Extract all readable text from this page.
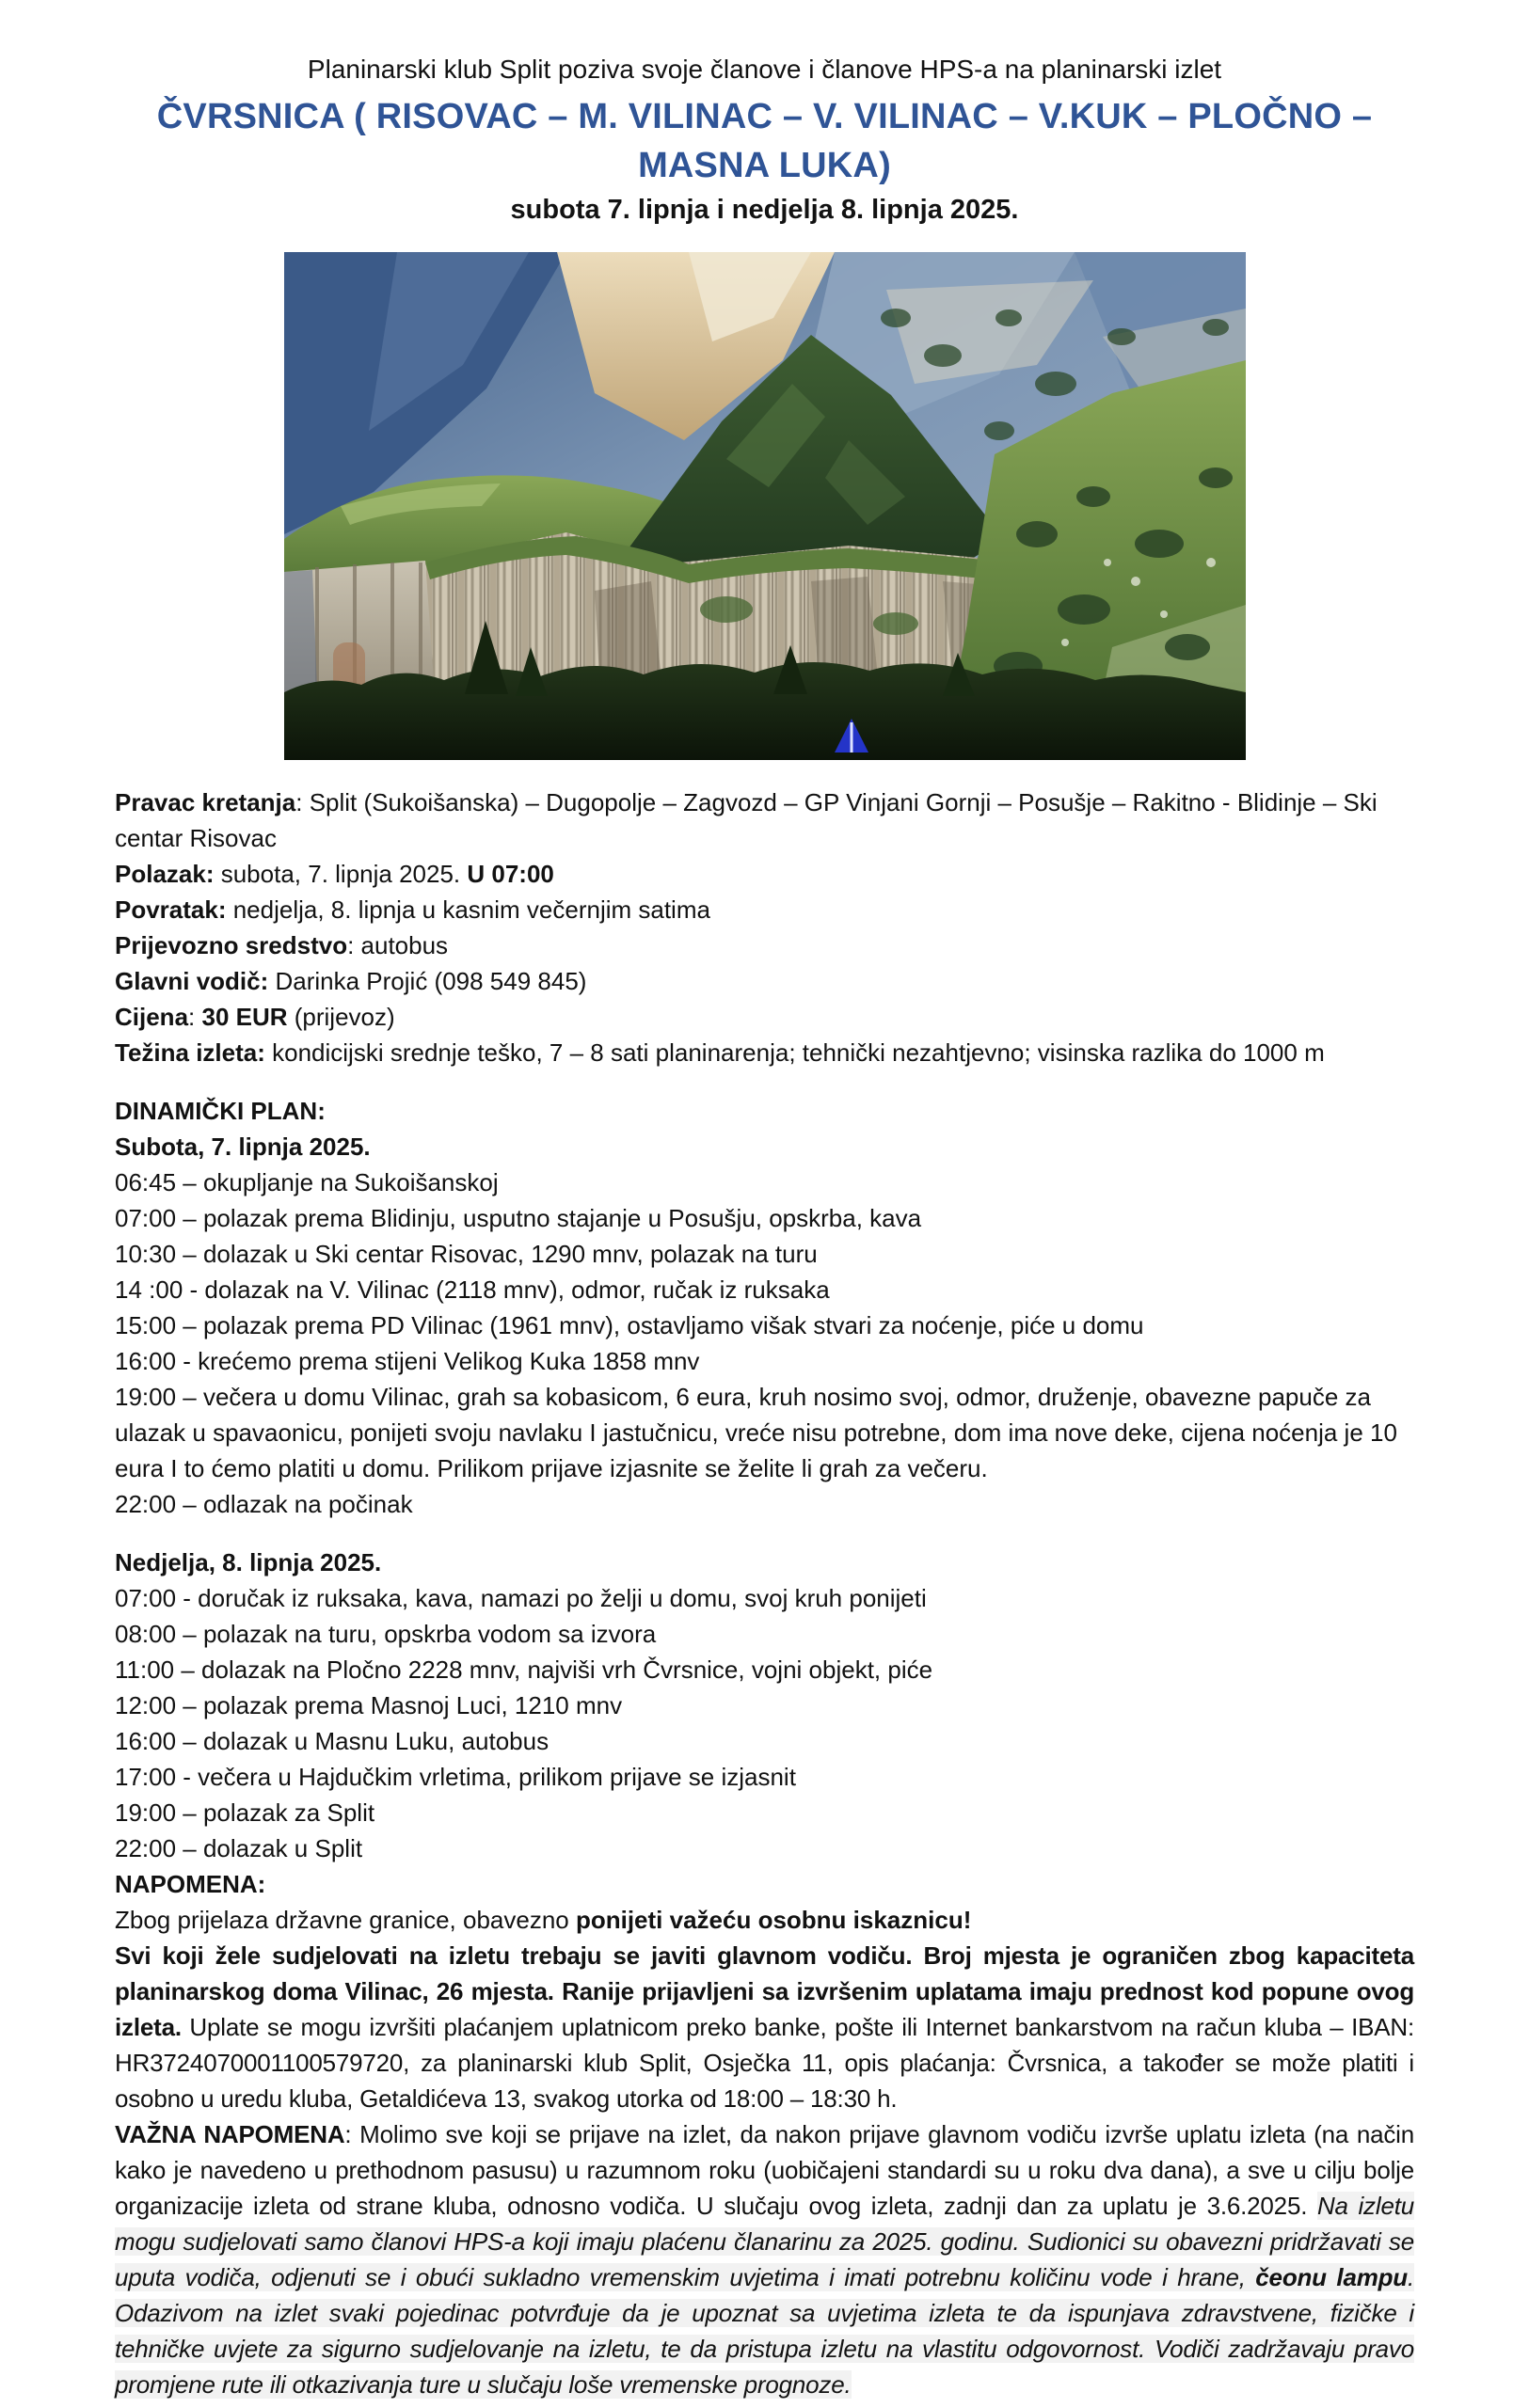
Planinarski klub Split poziva svoje članove i članove HPS-a na planinarski izlet

ČVRSNICA ( RISOVAC – M. VILINAC – V. VILINAC – V.KUK – PLOČNO – MASNA LUKA)

subota 7. lipnja i nedjelja 8. lipnja 2025.

Pravac kretanja: Split (Sukoišanska) – Dugopolje – Zagvozd – GP Vinjani Gornji – Posušje – Rakitno - Blidinje – Ski centar Risovac

Polazak: subota, 7. lipnja 2025. U 07:00

Povratak: nedjelja, 8. lipnja u kasnim večernjim satima

Prijevozno sredstvo: autobus

Glavni vodič: Darinka Projić (098 549 845)

Cijena: 30 EUR (prijevoz)

Težina izleta: kondicijski srednje teško, 7 – 8 sati planinarenja; tehnički nezahtjevno; visinska razlika do 1000 m

DINAMIČKI PLAN:

Subota, 7. lipnja 2025.

06:45 – okupljanje na Sukoišanskoj

07:00 – polazak prema Blidinju, usputno stajanje u Posušju, opskrba, kava

10:30 – dolazak u Ski centar Risovac, 1290 mnv, polazak na turu

14 :00 - dolazak na V. Vilinac (2118 mnv), odmor, ručak iz ruksaka

15:00 – polazak prema PD Vilinac (1961 mnv), ostavljamo višak stvari za noćenje, piće u domu

16:00 - krećemo prema stijeni Velikog Kuka 1858 mnv

19:00 – večera u domu Vilinac, grah sa kobasicom, 6 eura, kruh nosimo svoj, odmor, druženje, obavezne papuče za ulazak u spavaonicu, ponijeti svoju navlaku I jastučnicu, vreće nisu potrebne, dom ima nove deke, cijena noćenja je 10 eura I to ćemo platiti u domu. Prilikom prijave izjasnite se želite li grah za večeru.

22:00 – odlazak na počinak

Nedjelja, 8. lipnja 2025.

07:00 - doručak iz ruksaka, kava, namazi po želji u domu, svoj kruh ponijeti

08:00 – polazak na turu, opskrba vodom sa izvora

11:00 – dolazak na Pločno 2228 mnv, najviši vrh Čvrsnice, vojni objekt, piće

12:00 – polazak prema Masnoj Luci, 1210 mnv

16:00 – dolazak u Masnu Luku, autobus

17:00 - večera u Hajdučkim vrletima, prilikom prijave se izjasnit

19:00 – polazak za Split

22:00 – dolazak u Split

NAPOMENA:

Zbog prijelaza državne granice, obavezno ponijeti važeću osobnu iskaznicu!

Svi koji žele sudjelovati na izletu trebaju se javiti glavnom vodiču. Broj mjesta je ograničen zbog kapaciteta planinarskog doma Vilinac, 26 mjesta. Ranije prijavljeni sa izvršenim uplatama imaju prednost kod popune ovog izleta. Uplate se mogu izvršiti plaćanjem uplatnicom preko banke, pošte ili Internet bankarstvom na račun kluba – IBAN: HR3724070001100579720, za planinarski klub Split, Osječka 11, opis plaćanja: Čvrsnica, a također se može platiti i osobno u uredu kluba, Getaldićeva 13, svakog utorka od 18:00 – 18:30 h.

VAŽNA NAPOMENA: Molimo sve koji se prijave na izlet, da nakon prijave glavnom vodiču izvrše uplatu izleta (na način kako je navedeno u prethodnom pasusu) u razumnom roku (uobičajeni standardi su u roku dva dana), a sve u cilju bolje organizacije izleta od strane kluba, odnosno vodiča. U slučaju ovog izleta, zadnji dan za uplatu je 3.6.2025. Na izletu mogu sudjelovati samo članovi HPS-a koji imaju plaćenu članarinu za 2025. godinu. Sudionici su obavezni pridržavati se uputa vodiča, odjenuti se i obući sukladno vremenskim uvjetima i imati potrebnu količinu vode i hrane, čeonu lampu. Odazivom na izlet svaki pojedinac potvrđuje da je upoznat sa uvjetima izleta te da ispunjava zdravstvene, fizičke i tehničke uvjete za sigurno sudjelovanje na izletu, te da pristupa izletu na vlastitu odgovornost. Vodiči zadržavaju pravo promjene rute ili otkazivanja ture u slučaju loše vremenske prognoze.
